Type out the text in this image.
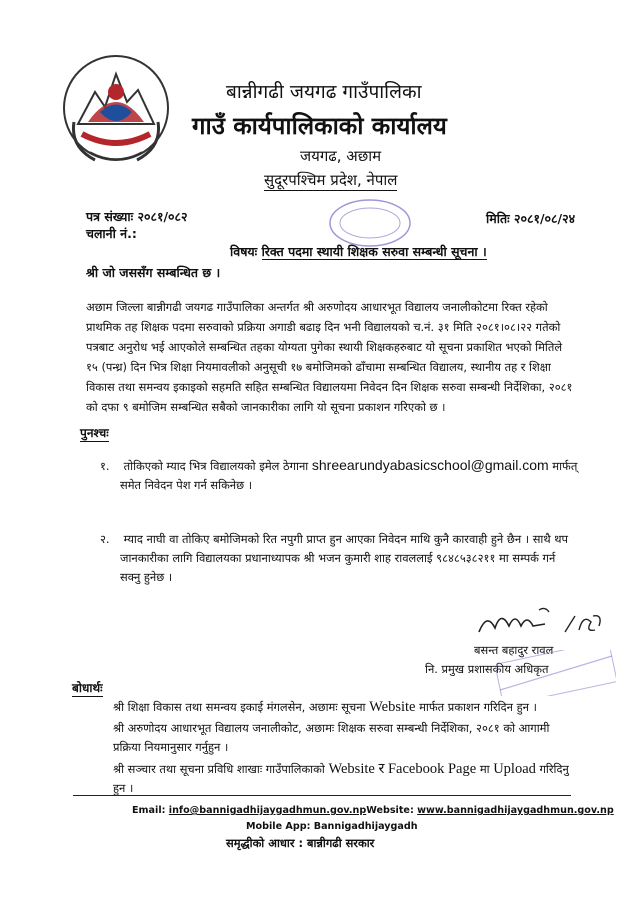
बान्नीगढी जयगढ गाउँपालिका
गाउँ कार्यपालिकाको कार्यालय
जयगढ, अछाम
सुदूरपश्चिम प्रदेश, नेपाल
पत्र संख्याः २०८१/०८२
चलानी नं.:
मितिः २०८१/०८/२४
विषयः रिक्त पदमा स्थायी शिक्षक सरुवा सम्बन्धी सूचना ।
श्री जो जससँग सम्बन्धित छ ।
अछाम जिल्ला बान्नीगढी जयगढ गाउँपालिका अन्तर्गत श्री अरुणोदय आधारभूत विद्यालय जनालीकोटमा रिक्त रहेको
प्राथमिक तह शिक्षक पदमा सरुवाको प्रक्रिया अगाडी बढाइ दिन भनी विद्यालयको च.नं. ३१ मिति २०८१।०८।२२ गतेको
पत्रबाट अनुरोध भई आएकोले सम्बन्धित तहका योग्यता पुगेका स्थायी शिक्षकहरुबाट यो सूचना प्रकाशित भएको मितिले
१५ (पन्ध्र) दिन भित्र शिक्षा नियमावलीको अनुसूची १७ बमोजिमको ढाँचामा सम्बन्धित विद्यालय, स्थानीय तह र शिक्षा
विकास तथा समन्वय इकाइको सहमति सहित सम्बन्धित विद्यालयमा निवेदन दिन शिक्षक सरुवा सम्बन्धी निर्देशिका, २०८१
को दफा ९ बमोजिम सम्बन्धित सबैको जानकारीका लागि यो सूचना प्रकाशन गरिएको छ ।
पुनश्चः
१. तोकिएको म्याद भित्र विद्यालयको इमेल ठेगाना shreearundyabasicschool@gmail.com मार्फत्
समेत निवेदन पेश गर्न सकिनेछ ।
२. म्याद नाघी वा तोकिए बमोजिमको रित नपुगी प्राप्त हुन आएका निवेदन माथि कुनै कारवाही हुने छैन । साथै थप
जानकारीका लागि विद्यालयका प्रधानाध्यापक श्री भजन कुमारी शाह रावललाई ९८४८५३८२११ मा सम्पर्क गर्न
सक्नु हुनेछ ।
बसन्त बहादुर रावल
नि. प्रमुख प्रशासकीय अधिकृत
बोधार्थः
श्री शिक्षा विकास तथा समन्वय इकाई मंगलसेन, अछामः सूचना Website मार्फत प्रकाशन गरिदिन हुन ।
श्री अरुणोदय आधारभूत विद्यालय जनालीकोट, अछामः शिक्षक सरुवा सम्बन्धी निर्देशिका, २०८१ को आगामी
प्रक्रिया नियमानुसार गर्नुहुन ।
श्री सञ्चार तथा सूचना प्रविधि शाखाः गाउँपालिकाको Website र Facebook Page मा Upload गरिदिनु
हुन ।
Email: info@bannigadhijaygadhmun.gov.npWebsite: www.bannigadhijaygadhmun.gov.np
Mobile App: Bannigadhijaygadh
समृद्धीको आधार : बान्नीगढी सरकार
